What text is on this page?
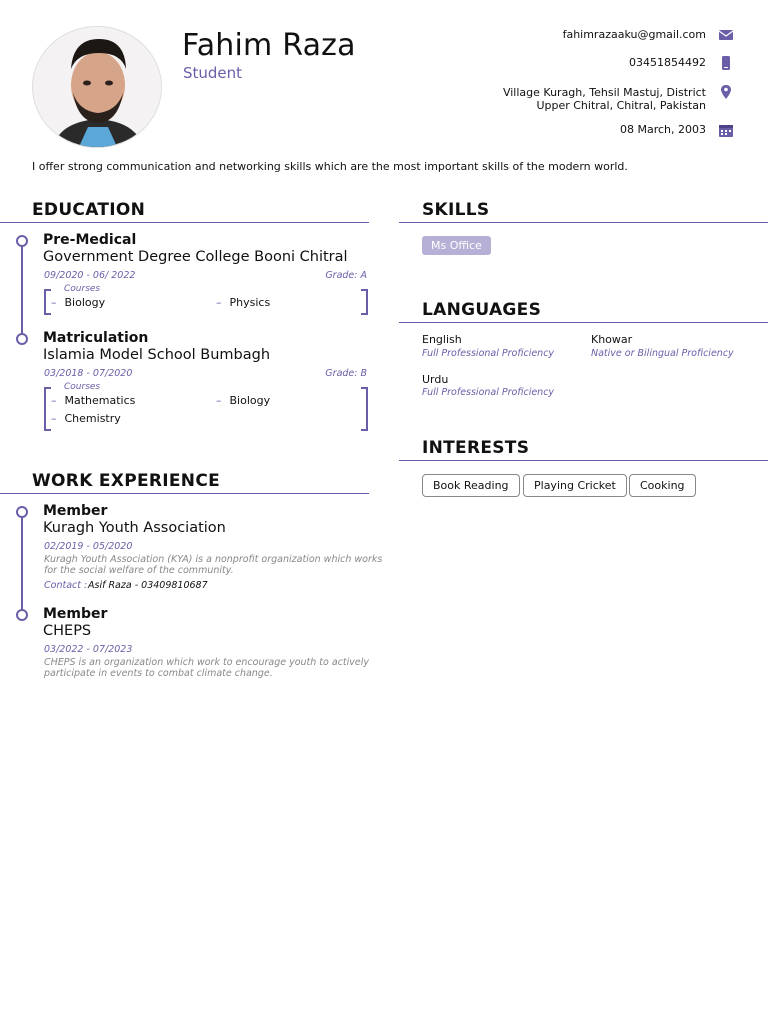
Fahim Raza
Student
fahimrazaaku@gmail.com
03451854492
Village Kuragh, Tehsil Mastuj, District
Upper Chitral, Chitral, Pakistan
08 March, 2003
I offer strong communication and networking skills which are the most important skills of the modern world.
EDUCATION
Pre-Medical
Government Degree College Booni Chitral
09/2020 - 06/ 2022	Grade: A
Courses
– Biology	– Physics
Matriculation
Islamia Model School Bumbagh
03/2018 - 07/2020	Grade: B
Courses
– Mathematics	– Biology
– Chemistry
WORK EXPERIENCE
Member
Kuragh Youth Association
02/2019 - 05/2020
Kuragh Youth Association (KYA) is a nonprofit organization which works
for the social welfare of the community.
Contact : Asif Raza - 03409810687
Member
CHEPS
03/2022 - 07/2023
CHEPS is an organization which work to encourage youth to actively
participate in events to combat climate change.
SKILLS
Ms Office
LANGUAGES
English
Full Professional Proficiency
Khowar
Native or Bilingual Proficiency
Urdu
Full Professional Proficiency
INTERESTS
Book Reading	Playing Cricket	Cooking
